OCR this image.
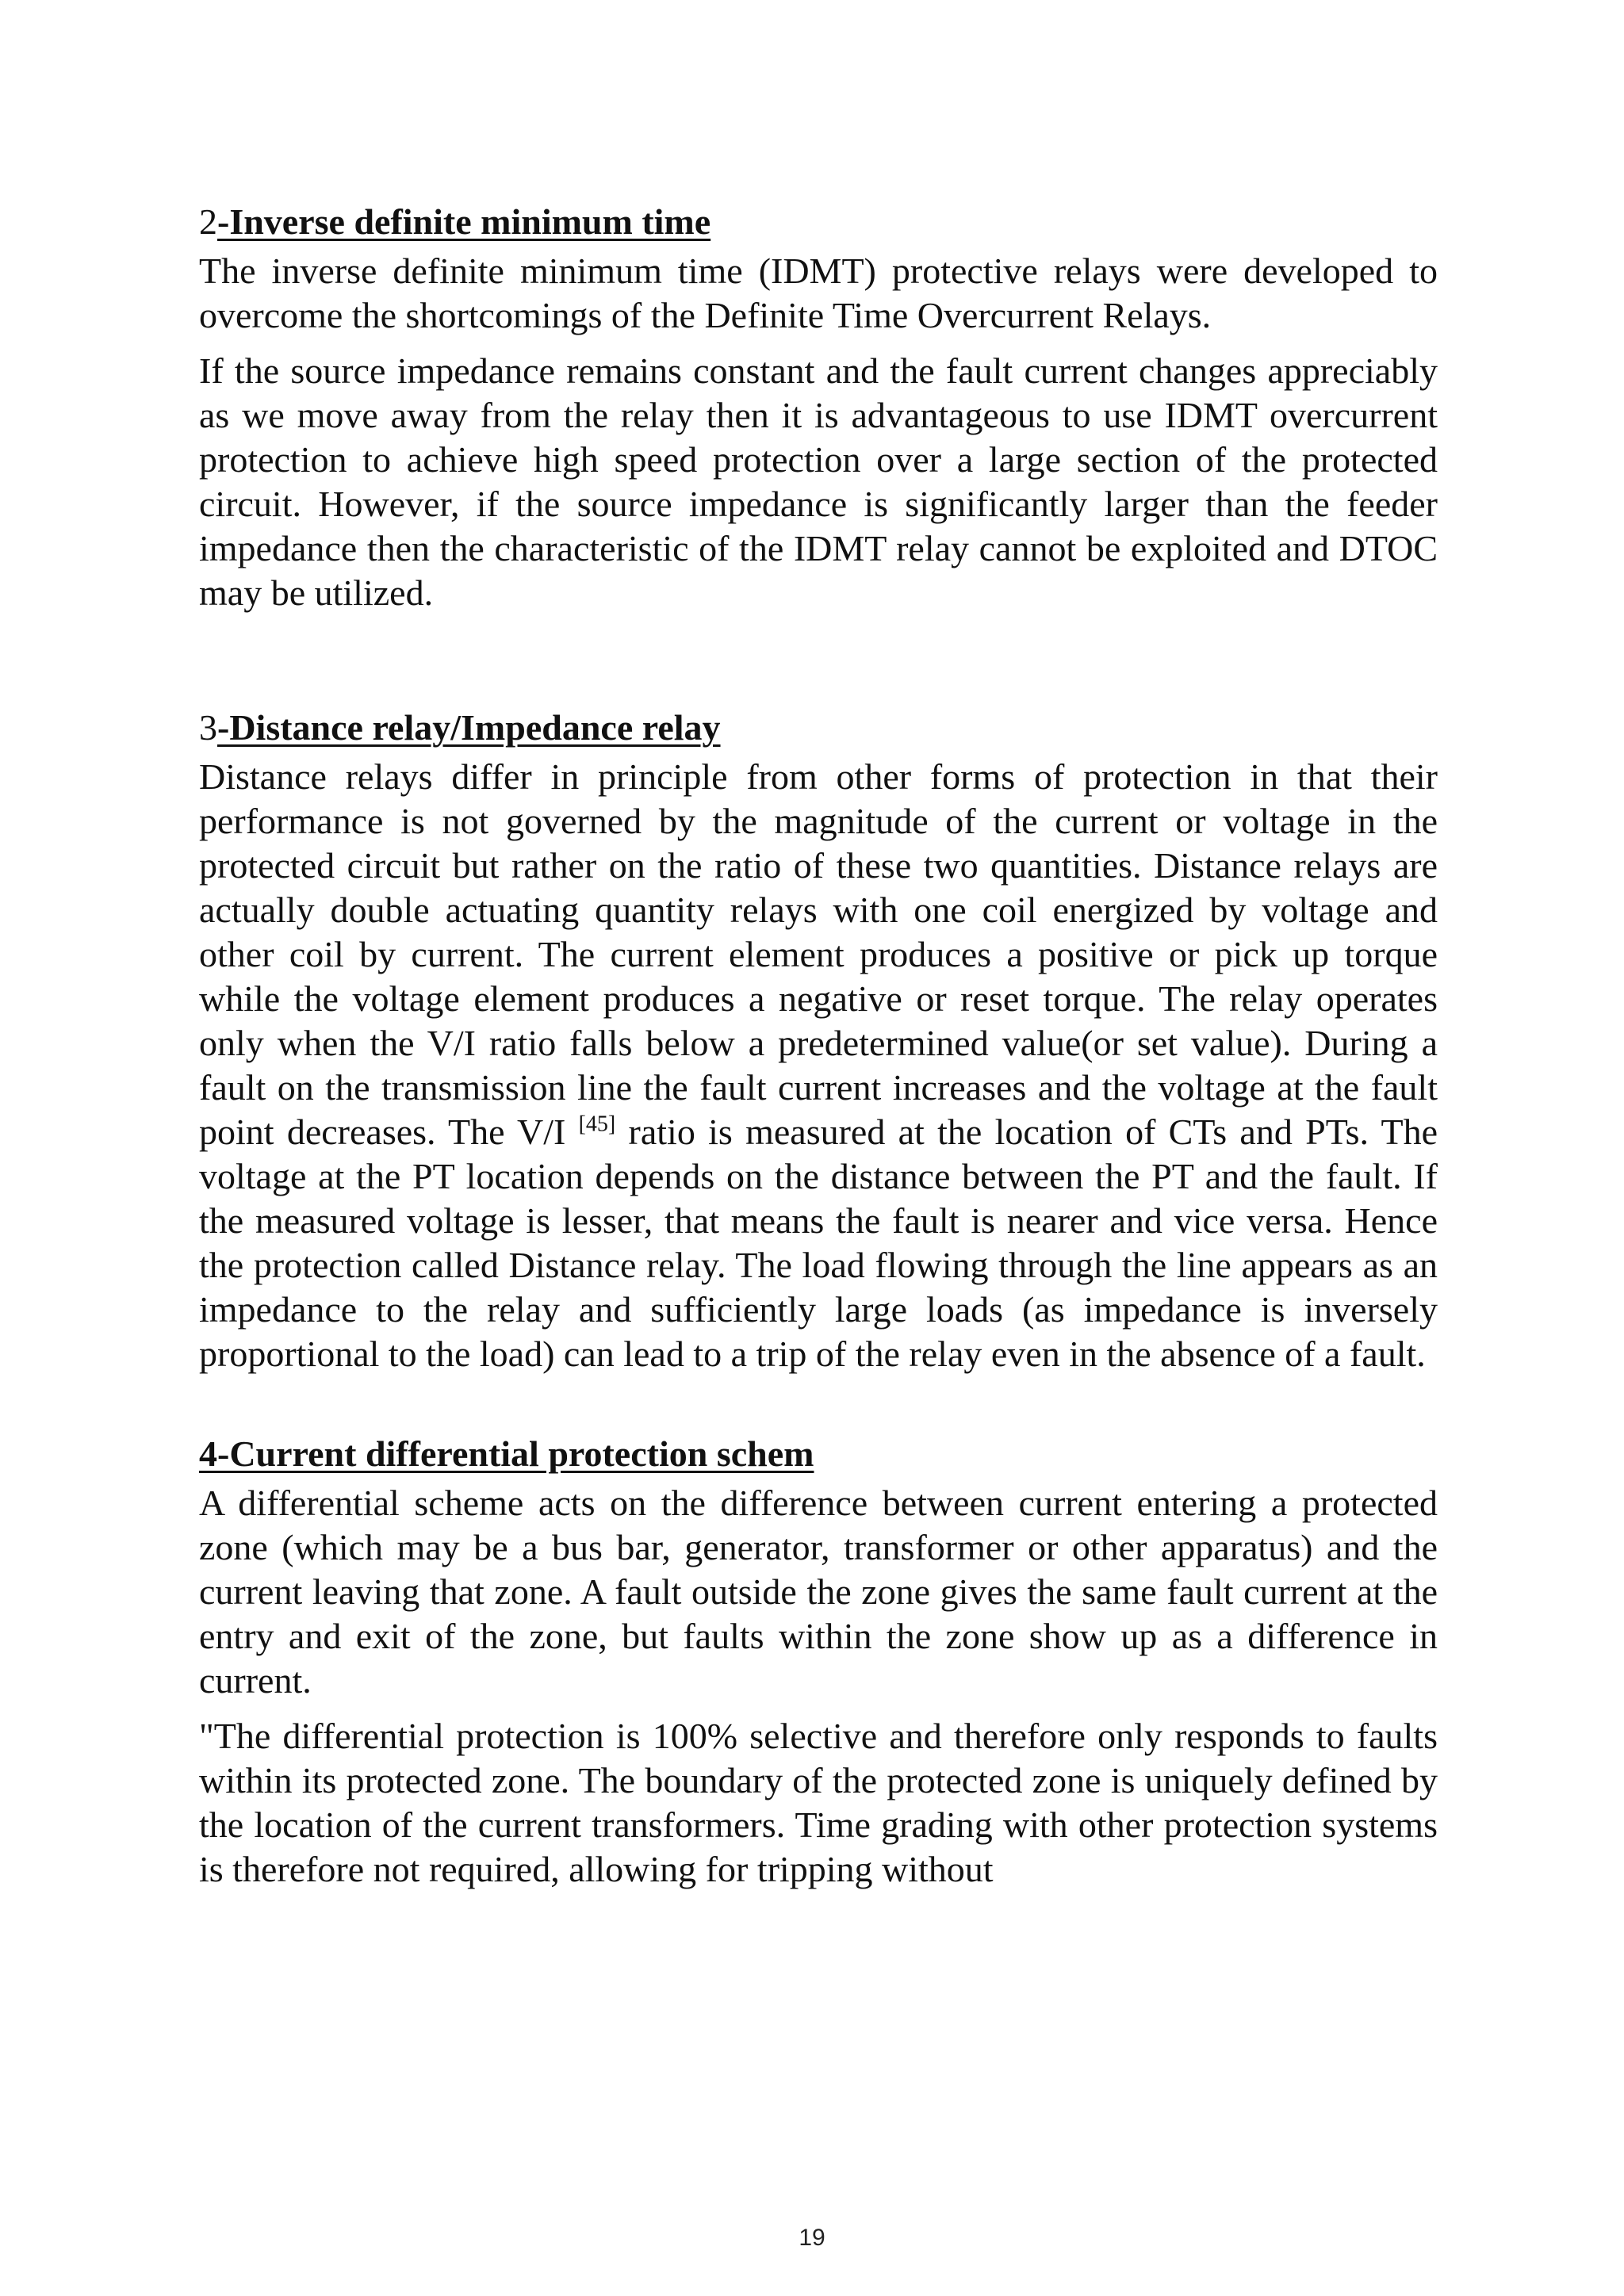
2-Inverse definite minimum time

The inverse definite minimum time (IDMT) protective relays were developed to overcome the shortcomings of the Definite Time Overcurrent Relays.

If the source impedance remains constant and the fault current changes appreciably as we move away from the relay then it is advantageous to use IDMT overcurrent protection to achieve high speed protection over a large section of the protected circuit. However, if the source impedance is significantly larger than the feeder impedance then the characteristic of the IDMT relay cannot be exploited and DTOC may be utilized.

3-Distance relay/Impedance relay

Distance relays differ in principle from other forms of protection in that their performance is not governed by the magnitude of the current or voltage in the protected circuit but rather on the ratio of these two quantities. Distance relays are actually double actuating quantity relays with one coil energized by voltage and other coil by current. The current element produces a positive or pick up torque while the voltage element produces a negative or reset torque. The relay operates only when the V/I ratio falls below a predetermined value(or set value). During a fault on the transmission line the fault current increases and the voltage at the fault point decreases. The V/I [45] ratio is measured at the location of CTs and PTs. The voltage at the PT location depends on the distance between the PT and the fault. If the measured voltage is lesser, that means the fault is nearer and vice versa. Hence the protection called Distance relay. The load flowing through the line appears as an impedance to the relay and sufficiently large loads (as impedance is inversely proportional to the load) can lead to a trip of the relay even in the absence of a fault.

4-Current differential protection schem

A differential scheme acts on the difference between current entering a protected zone (which may be a bus bar, generator, transformer or other apparatus) and the current leaving that zone. A fault outside the zone gives the same fault current at the entry and exit of the zone, but faults within the zone show up as a difference in current.

"The differential protection is 100% selective and therefore only responds to faults within its protected zone. The boundary of the protected zone is uniquely defined by the location of the current transformers. Time grading with other protection systems is therefore not required, allowing for tripping without

19
